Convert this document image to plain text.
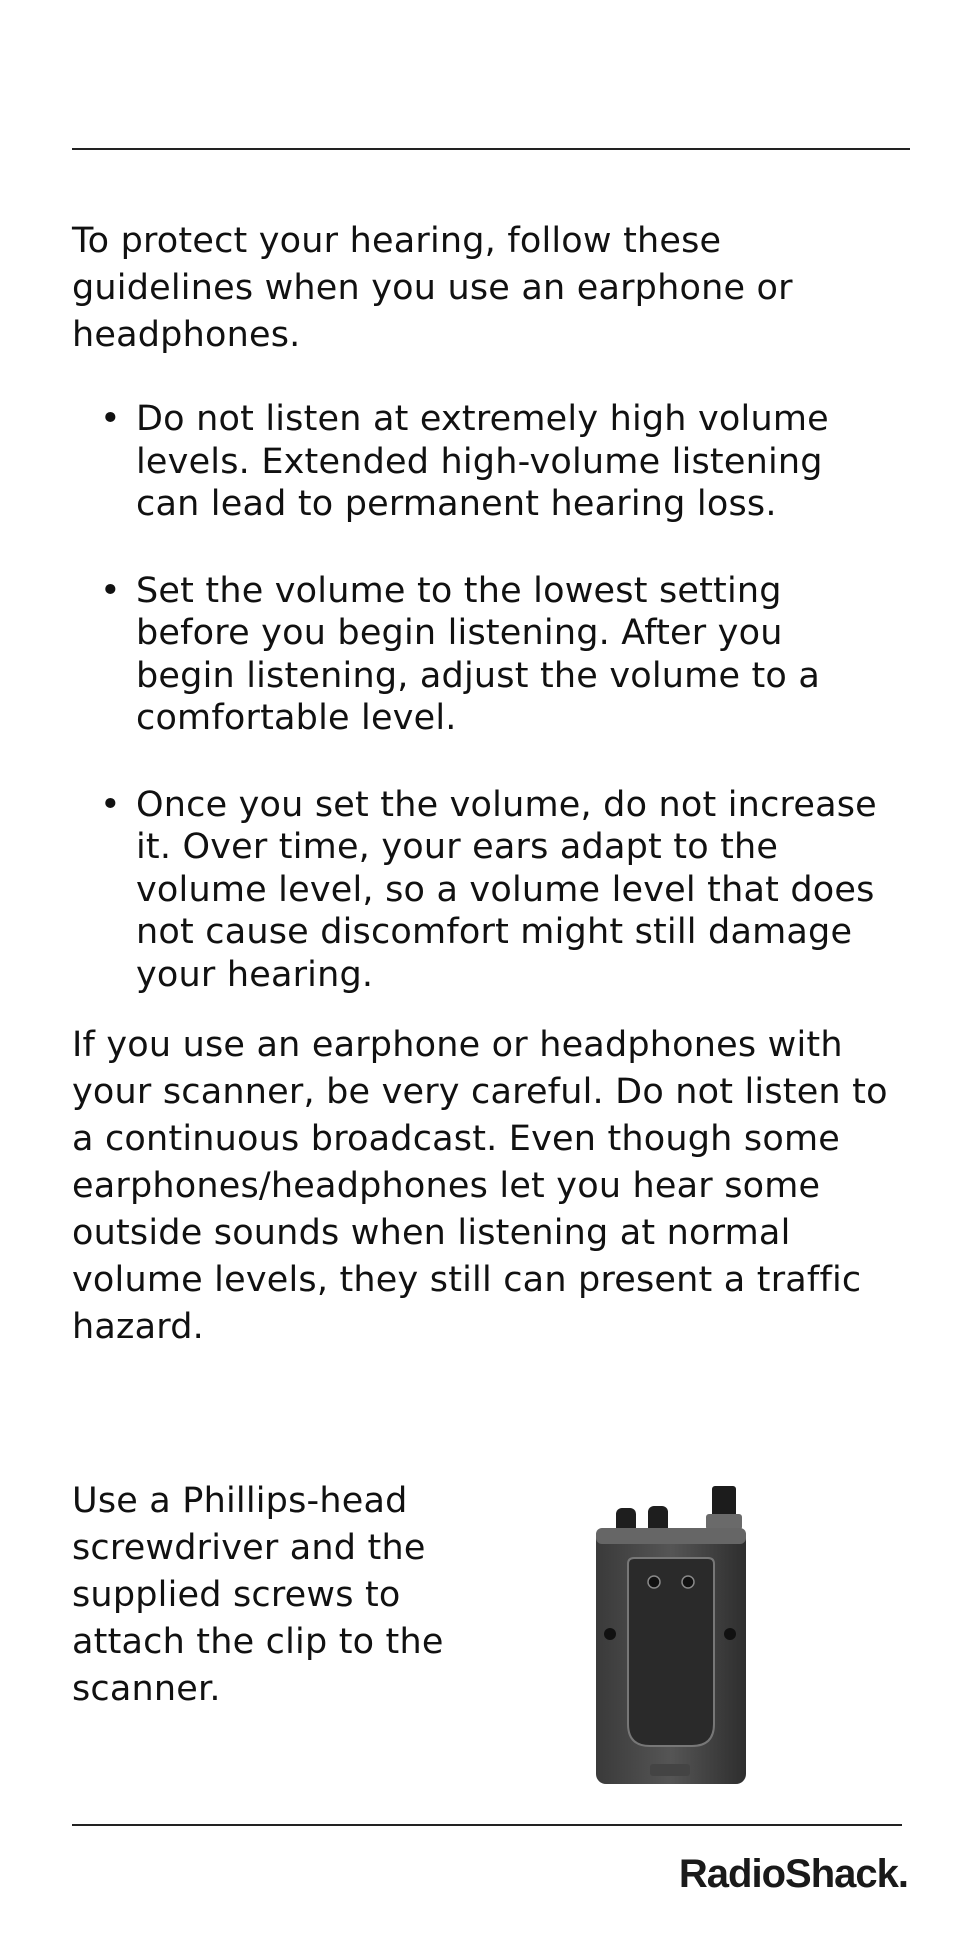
To protect your hearing, follow these guidelines when you use an earphone or headphones.

• Do not listen at extremely high volume levels. Extended high-volume listening can lead to permanent hearing loss.
• Set the volume to the lowest setting before you begin listening. After you begin listening, adjust the volume to a comfortable level.
• Once you set the volume, do not increase it. Over time, your ears adapt to the volume level, so a volume level that does not cause discomfort might still damage your hearing.

If you use an earphone or headphones with your scanner, be very careful. Do not listen to a continuous broadcast. Even though some earphones/headphones let you hear some outside sounds when listening at normal volume levels, they still can present a traffic hazard.

Use a Phillips-head screwdriver and the supplied screws to attach the clip to the scanner.

RadioShack.
